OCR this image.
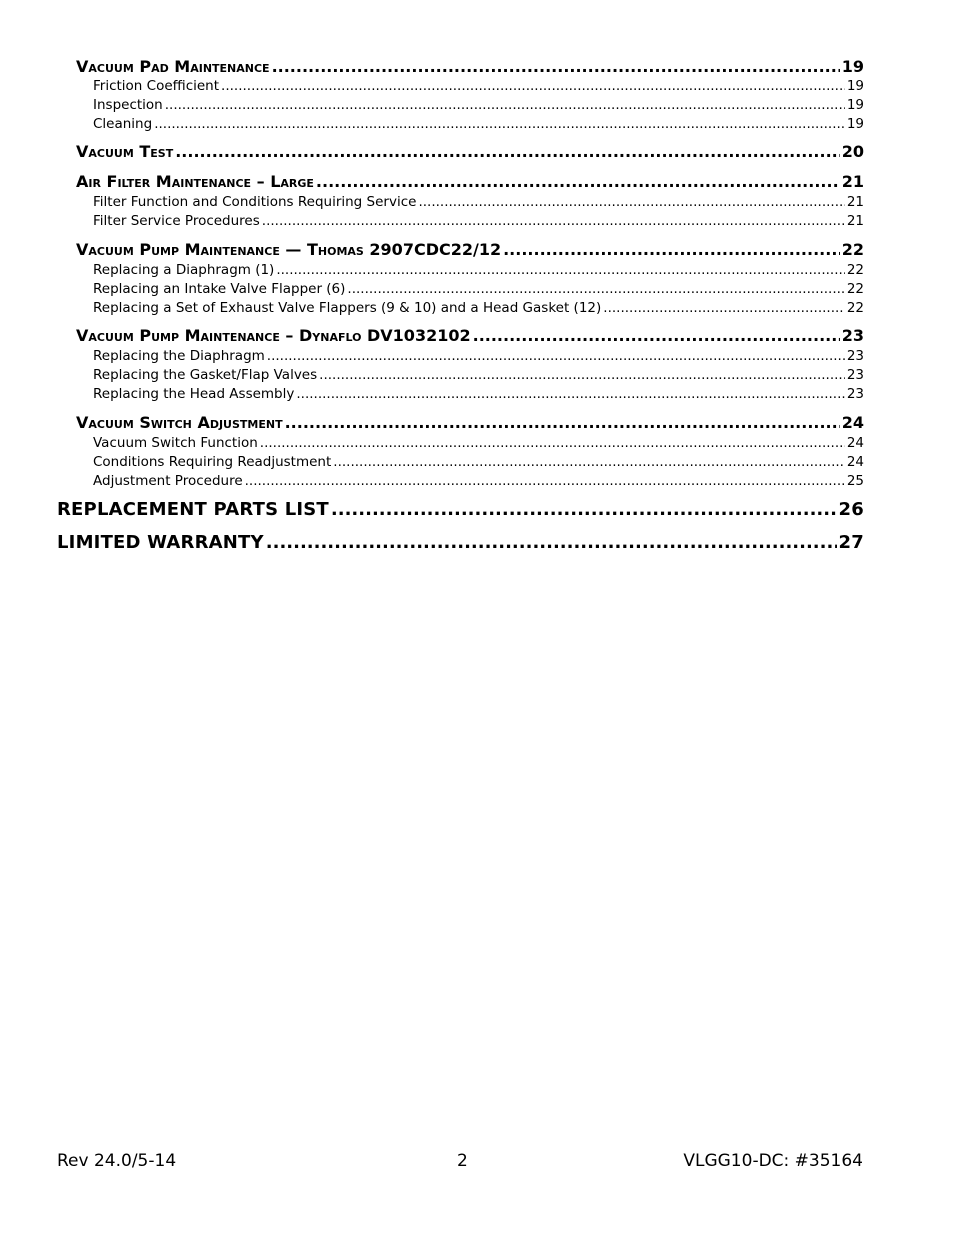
Vacuum Pad Maintenance .....	19
Friction Coefficient .....	19
Inspection .....	19
Cleaning .....	19
Vacuum Test .....	20
Air Filter Maintenance – Large .....	21
Filter Function and Conditions Requiring Service .....	21
Filter Service Procedures .....	21
Vacuum Pump Maintenance — Thomas 2907CDC22/12 .....	22
Replacing a Diaphragm (1) .....	22
Replacing an Intake Valve Flapper (6) .....	22
Replacing a Set of Exhaust Valve Flappers (9 & 10) and a Head Gasket (12) .....	22
Vacuum Pump Maintenance – Dynaflo DV1032102 .....	23
Replacing the Diaphragm .....	23
Replacing the Gasket/Flap Valves .....	23
Replacing the Head Assembly .....	23
Vacuum Switch Adjustment .....	24
Vacuum Switch Function .....	24
Conditions Requiring Readjustment .....	24
Adjustment Procedure .....	25
REPLACEMENT PARTS LIST .....	26
LIMITED WARRANTY .....	27
Rev 24.0/5-14	2	VLGG10-DC: #35164
